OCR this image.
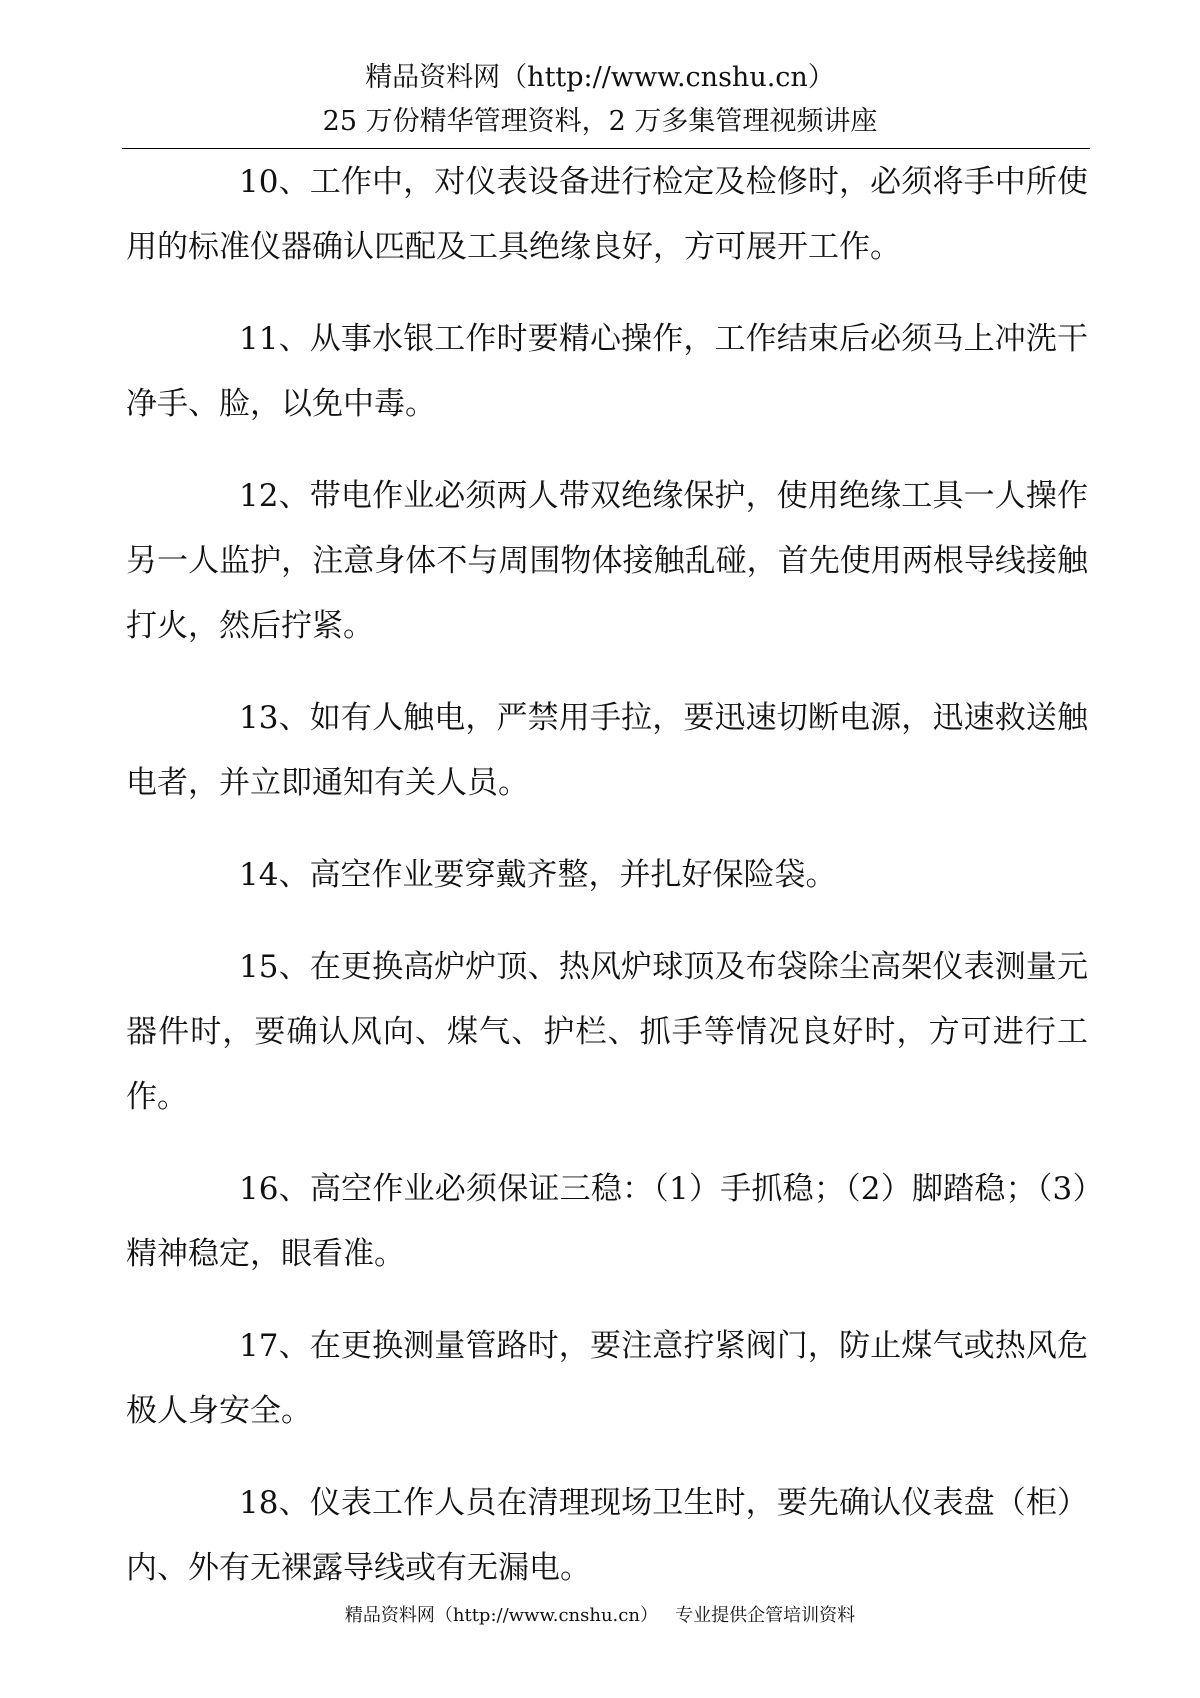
精品资料网（http://www.cnshu.cn）
25 万份精华管理资料，2 万多集管理视频讲座

10、工作中，对仪表设备进行检定及检修时，必须将手中所使用的标准仪器确认匹配及工具绝缘良好，方可展开工作。

11、从事水银工作时要精心操作，工作结束后必须马上冲洗干净手、脸，以免中毒。

12、带电作业必须两人带双绝缘保护，使用绝缘工具一人操作另一人监护，注意身体不与周围物体接触乱碰，首先使用两根导线接触打火，然后拧紧。

13、如有人触电，严禁用手拉，要迅速切断电源，迅速救送触电者，并立即通知有关人员。

14、高空作业要穿戴齐整，并扎好保险袋。

15、在更换高炉炉顶、热风炉球顶及布袋除尘高架仪表测量元器件时，要确认风向、煤气、护栏、抓手等情况良好时，方可进行工作。

16、高空作业必须保证三稳：（1）手抓稳；（2）脚踏稳；（3）精神稳定，眼看准。

17、在更换测量管路时，要注意拧紧阀门，防止煤气或热风危极人身安全。

18、仪表工作人员在清理现场卫生时，要先确认仪表盘（柜）内、外有无裸露导线或有无漏电。

精品资料网（http://www.cnshu.cn） 专业提供企管培训资料
